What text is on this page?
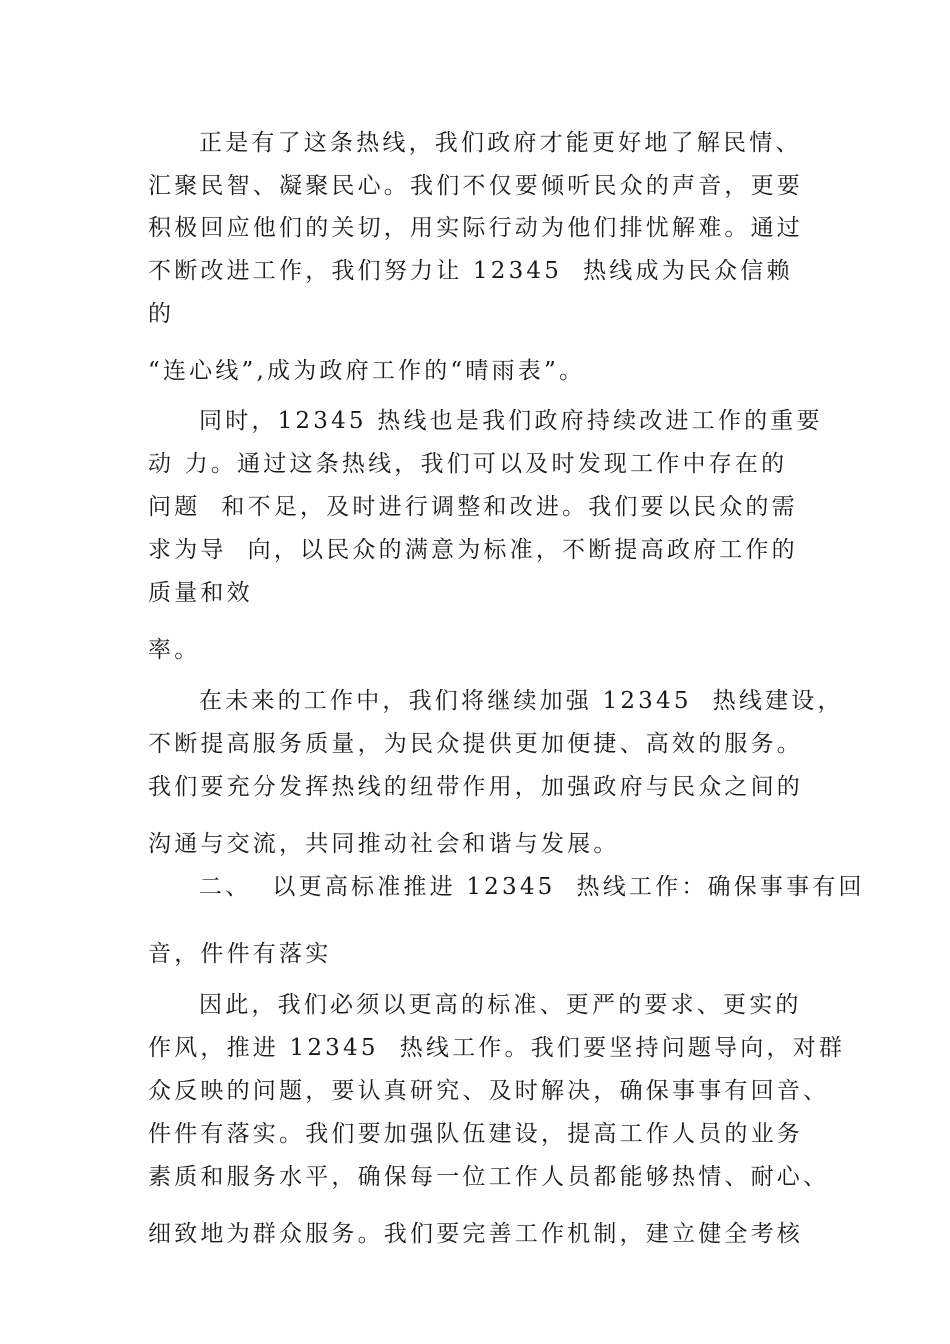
正是有了这条热线，我们政府才能更好地了解民情、
汇聚民智、凝聚民心。我们不仅要倾听民众的声音，更要
积极回应他们的关切，用实际行动为他们排忧解难。通过
不断改进工作，我们努力让 12345  热线成为民众信赖
的
“连心线”,成为政府工作的“晴雨表”。
同时，12345 热线也是我们政府持续改进工作的重要
动 力。通过这条热线，我们可以及时发现工作中存在的
问题  和不足，及时进行调整和改进。我们要以民众的需
求为导  向，以民众的满意为标准，不断提高政府工作的
质量和效
率。
在未来的工作中，我们将继续加强 12345  热线建设，
不断提高服务质量，为民众提供更加便捷、高效的服务。
我们要充分发挥热线的纽带作用，加强政府与民众之间的
沟通与交流，共同推动社会和谐与发展。
二、  以更高标准推进 12345  热线工作：确保事事有回
音，件件有落实
因此，我们必须以更高的标准、更严的要求、更实的
作风，推进 12345  热线工作。我们要坚持问题导向，对群
众反映的问题，要认真研究、及时解决，确保事事有回音、
件件有落实。我们要加强队伍建设，提高工作人员的业务
素质和服务水平，确保每一位工作人员都能够热情、耐心、
细致地为群众服务。我们要完善工作机制，建立健全考核
